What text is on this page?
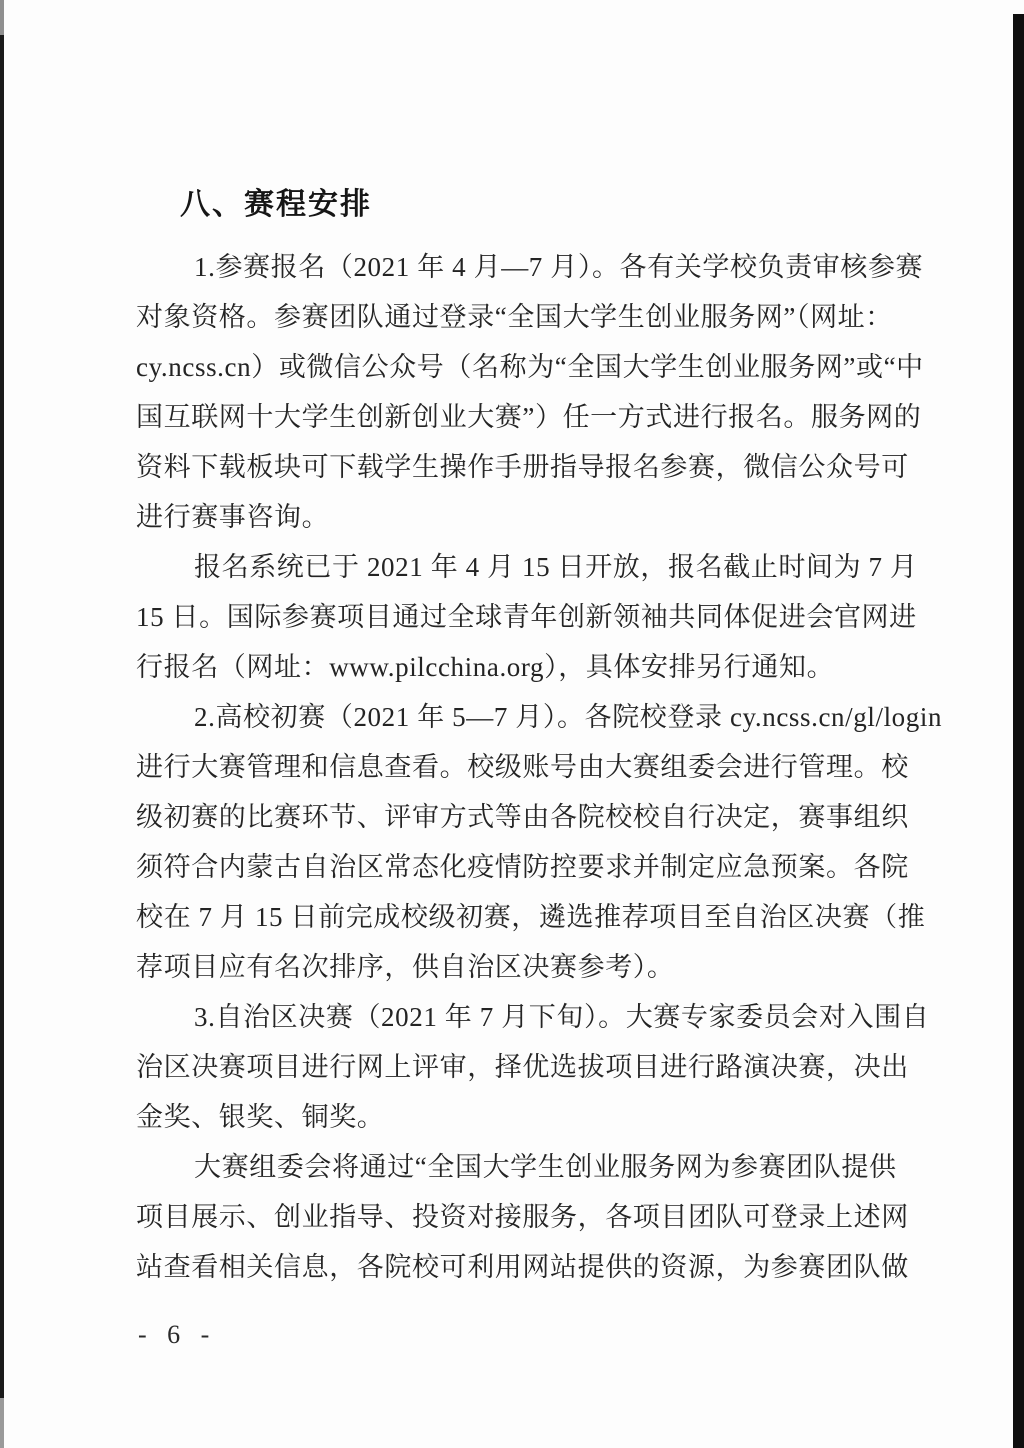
八、赛程安排
1.参赛报名（2021 年 4 月—7 月）。各有关学校负责审核参赛
对象资格。参赛团队通过登录“全国大学生创业服务网”（网址：
cy.ncss.cn）或微信公众号（名称为“全国大学生创业服务网”或“中
国互联网十大学生创新创业大赛”）任一方式进行报名。服务网的
资料下载板块可下载学生操作手册指导报名参赛，微信公众号可
进行赛事咨询。
报名系统已于 2021 年 4 月 15 日开放，报名截止时间为 7 月
15 日。国际参赛项目通过全球青年创新领袖共同体促进会官网进
行报名（网址：www.pilcchina.org），具体安排另行通知。
2.高校初赛（2021 年 5—7 月）。各院校登录 cy.ncss.cn/gl/login
进行大赛管理和信息查看。校级账号由大赛组委会进行管理。校
级初赛的比赛环节、评审方式等由各院校校自行决定，赛事组织
须符合内蒙古自治区常态化疫情防控要求并制定应急预案。各院
校在 7 月 15 日前完成校级初赛，遴选推荐项目至自治区决赛（推
荐项目应有名次排序，供自治区决赛参考）。
3.自治区决赛（2021 年 7 月下旬）。大赛专家委员会对入围自
治区决赛项目进行网上评审，择优选拔项目进行路演决赛，决出
金奖、银奖、铜奖。
大赛组委会将通过“全国大学生创业服务网为参赛团队提供
项目展示、创业指导、投资对接服务，各项目团队可登录上述网
站查看相关信息，各院校可利用网站提供的资源，为参赛团队做
- 6 -
